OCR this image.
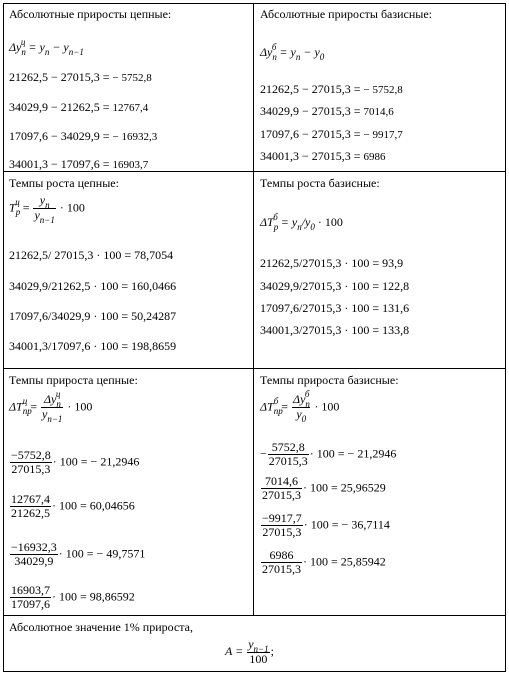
Абсолютные приросты цепные:
$\Delta y_n^ц = y_n - y_{n-1}$
21262,5 − 27015,3 = − 5752,8
34029,9 − 21262,5 = 12767,4
17097,6 − 34029,9 = − 16932,3
34001,3 − 17097,6 = 16903,7
Абсолютные приросты базисные:
$\Delta y_n^б = y_n - y_0$
21262,5 − 27015,3 = − 5752,8
34029,9 − 27015,3 = 7014,6
17097,6 − 27015,3 = − 9917,7
34001,3 − 27015,3 = 6986
Темпы роста цепные:
$T_p^ц = \frac{y_n}{y_{n-1}} \cdot 100$
21262,5/ 27015,3 · 100 = 78,7054
34029,9/21262,5 · 100 = 160,0466
17097,6/34029,9 · 100 = 50,24287
34001,3/17097,6 · 100 = 198,8659
Темпы роста базисные:
$\Delta T_p^б = y_n/y_0 \cdot 100$
21262,5/27015,3 · 100 = 93,9
34029,9/27015,3 · 100 = 122,8
17097,6/27015,3 · 100 = 131,6
34001,3/27015,3 · 100 = 133,8
Темпы прироста цепные:
$\Delta T_{пр}^ц = \frac{\Delta y_n^ц}{y_{n-1}} \cdot 100$
$\frac{-5752,8}{27015,3} \cdot 100$ = − 21,2946
$\frac{12767,4}{21262,5} \cdot 100 = 60,04656$
$\frac{-16932,3}{34029,9} \cdot 100$ = − 49,7571
$\frac{16903,7}{17097,6} \cdot 100 = 98,86592$
Темпы прироста базисные:
$\Delta T_{пр}^б = \frac{\Delta y_n^б}{y_0} \cdot 100$
− $\frac{5752,8}{27015,3} \cdot 100$ = − 21,2946
$\frac{7014,6}{27015,3} \cdot 100 = 25,96529$
$\frac{-9917,7}{27015,3} \cdot 100$ = − 36,7114
$\frac{6986}{27015,3} \cdot 100 = 25,85942$
Абсолютное значение 1% прироста,
$A = \frac{y_{n-1}}{100}$ ;
